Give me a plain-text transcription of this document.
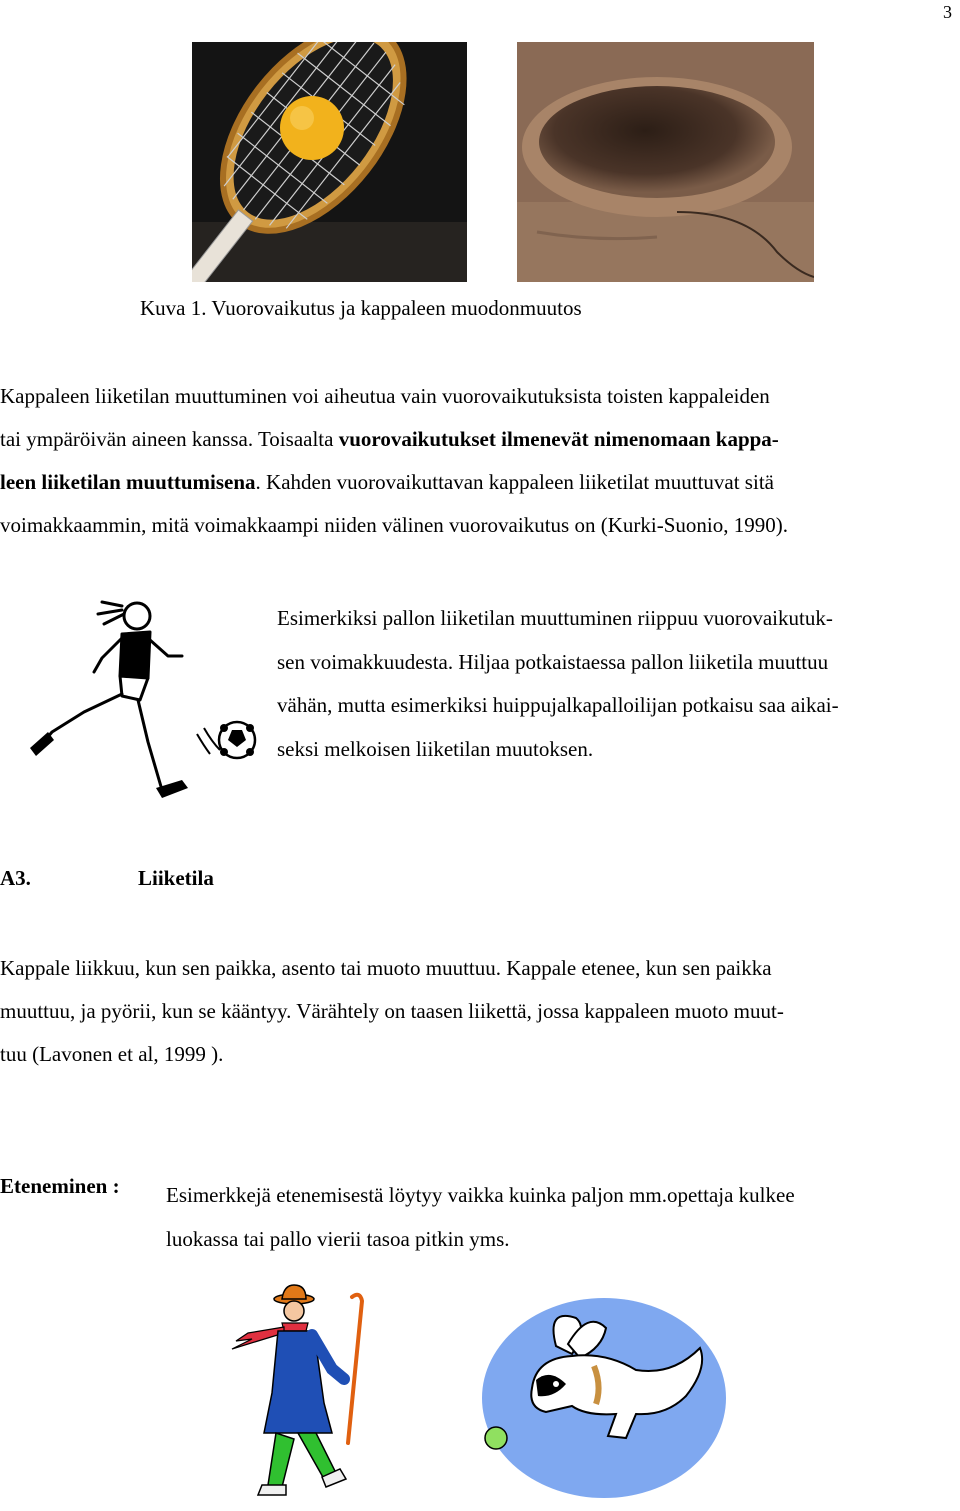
3
Kuva 1. Vuorovaikutus ja kappaleen muodonmuutos
Kappaleen liiketilan muuttuminen voi aiheutua vain vuorovaikutuksista toisten kappaleiden
tai ympäröivän aineen kanssa. Toisaalta vuorovaikutukset ilmenevät nimenomaan kappa-
leen liiketilan muuttumisena. Kahden vuorovaikuttavan kappaleen liiketilat muuttuvat sitä
voimakkaammin, mitä voimakkaampi niiden välinen vuorovaikutus on (Kurki-Suonio, 1990).
Esimerkiksi pallon liiketilan muuttuminen riippuu vuorovaikutuk-
sen voimakkuudesta. Hiljaa potkaistaessa pallon liiketila muuttuu
vähän, mutta esimerkiksi huippujalkapalloilijan potkaisu saa aikai-
seksi melkoisen liiketilan muutoksen.
A3.	Liiketila
Kappale liikkuu, kun sen paikka, asento tai muoto muuttuu. Kappale etenee, kun sen paikka
muuttuu, ja pyörii, kun se kääntyy. Värähtely on taasen liikettä, jossa kappaleen muoto muut-
tuu (Lavonen et al, 1999 ).
Eteneminen : Esimerkkejä etenemisestä löytyy vaikka kuinka paljon mm.opettaja kulkee
luokassa tai pallo vierii tasoa pitkin yms.
